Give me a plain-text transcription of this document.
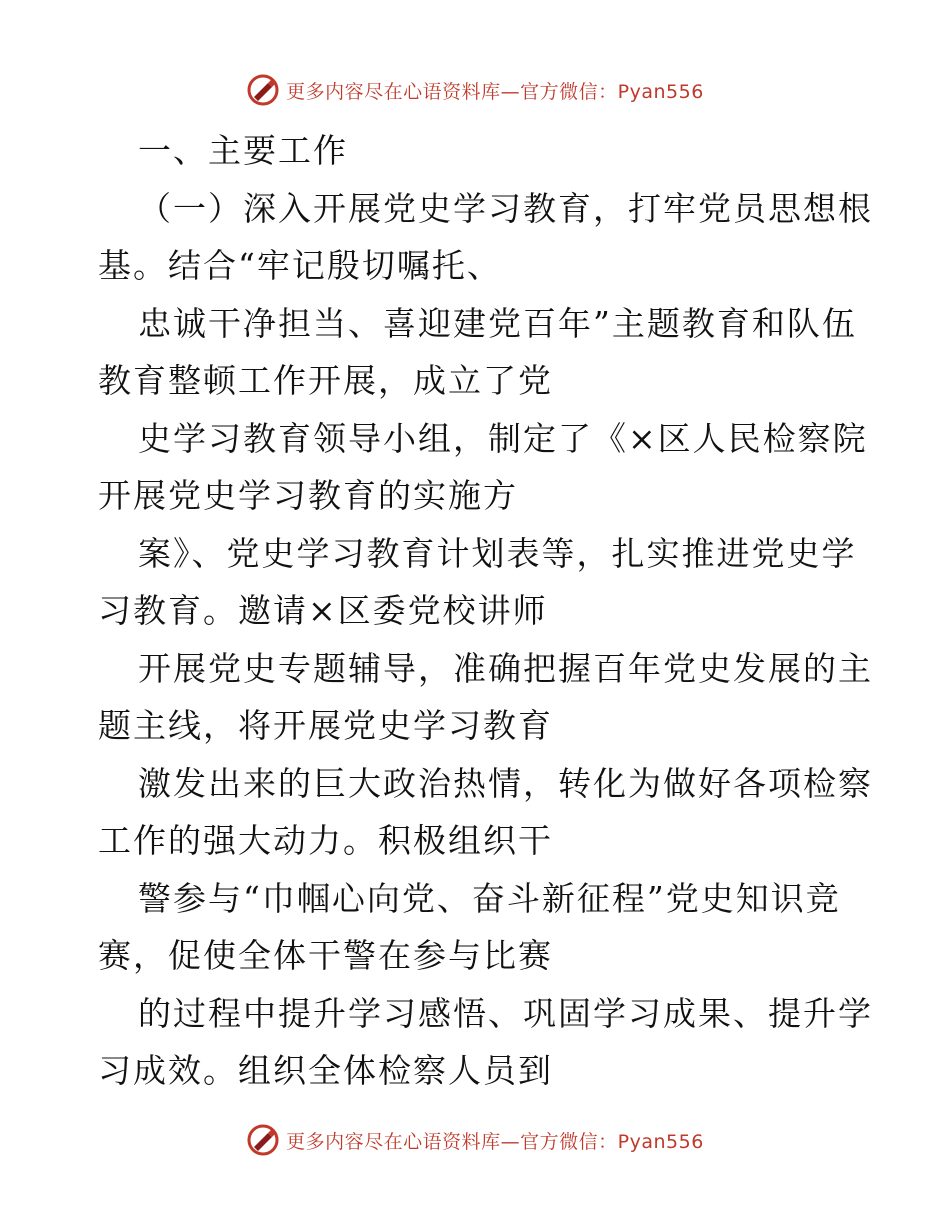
更多内容尽在心语资料库—官方微信：Pyan556
一、主要工作
（一）深入开展党史学习教育，打牢党员思想根
基。结合“牢记殷切嘱托、
忠诚干净担当、喜迎建党百年”主题教育和队伍
教育整顿工作开展，成立了党
史学习教育领导小组，制定了《×区人民检察院
开展党史学习教育的实施方
案》、党史学习教育计划表等，扎实推进党史学
习教育。邀请×区委党校讲师
开展党史专题辅导，准确把握百年党史发展的主
题主线，将开展党史学习教育
激发出来的巨大政治热情，转化为做好各项检察
工作的强大动力。积极组织干
警参与“巾帼心向党、奋斗新征程”党史知识竞
赛，促使全体干警在参与比赛
的过程中提升学习感悟、巩固学习成果、提升学
习成效。组织全体检察人员到
更多内容尽在心语资料库—官方微信：Pyan556
